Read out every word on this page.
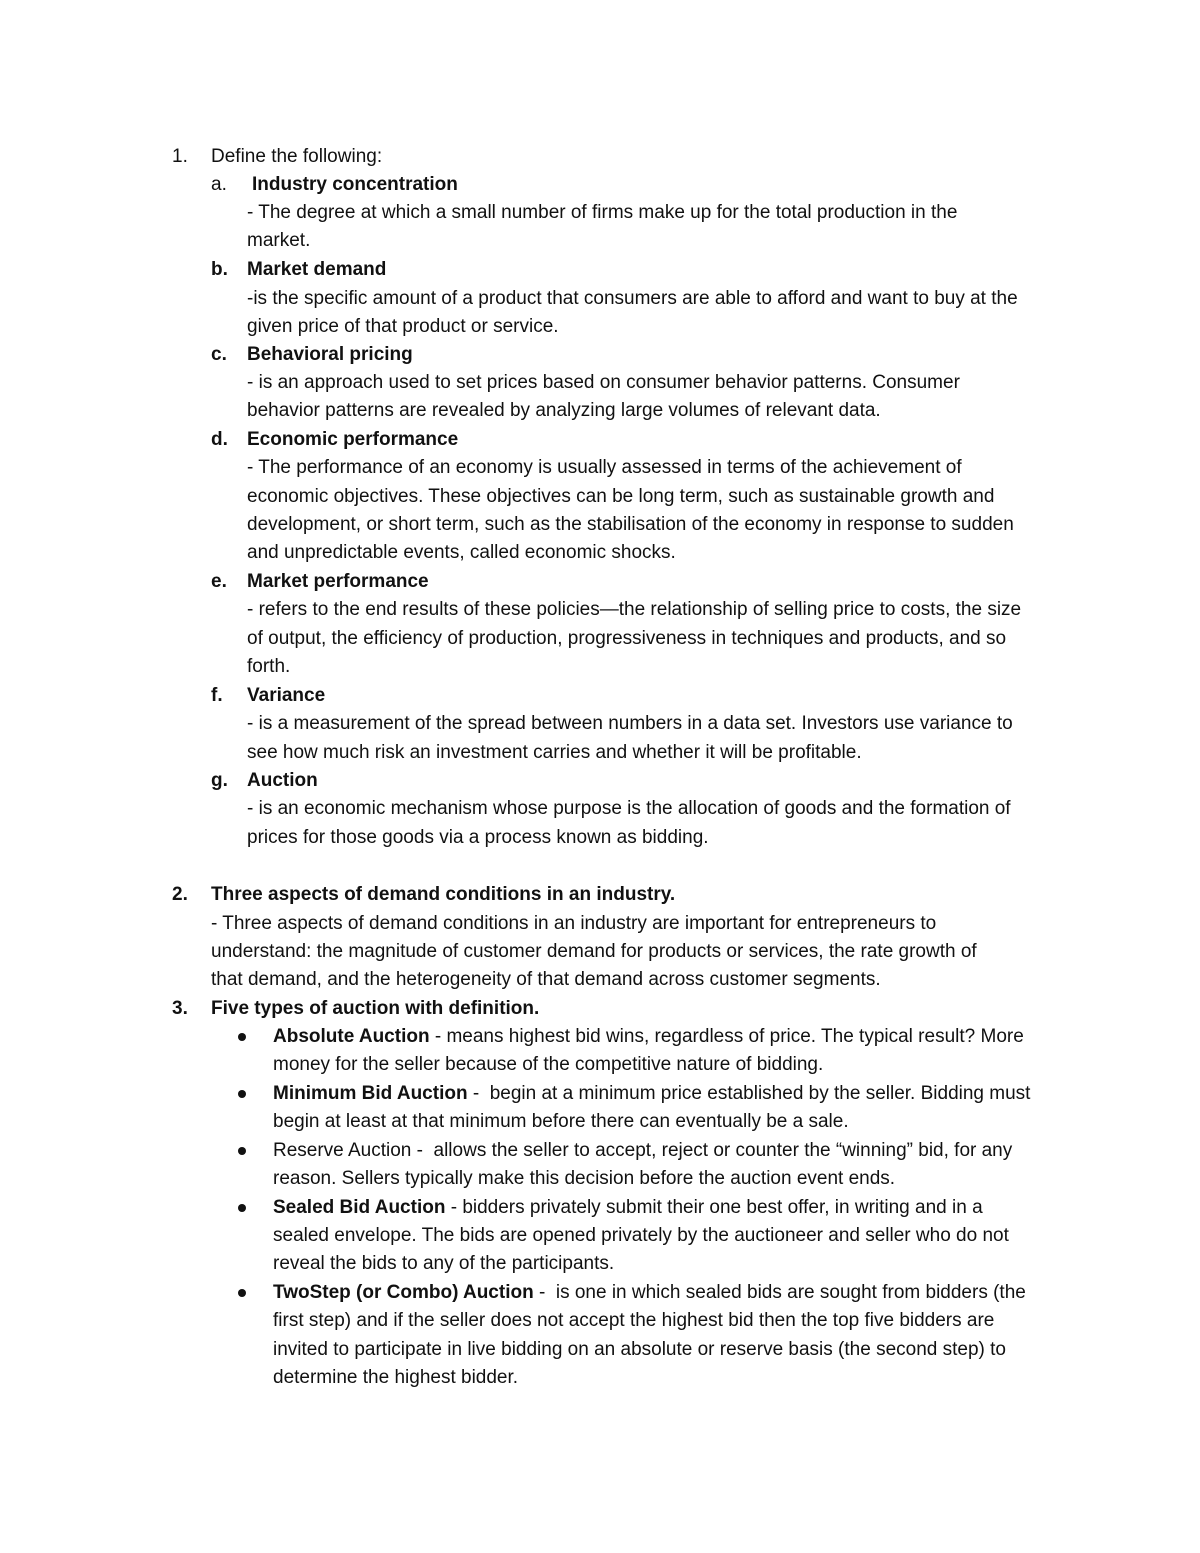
1. Define the following:
a. Industry concentration
- The degree at which a small number of firms make up for the total production in the
market.
b. Market demand
-is the specific amount of a product that consumers are able to afford and want to buy at the
given price of that product or service.
c. Behavioral pricing
- is an approach used to set prices based on consumer behavior patterns. Consumer
behavior patterns are revealed by analyzing large volumes of relevant data.
d. Economic performance
- The performance of an economy is usually assessed in terms of the achievement of
economic objectives. These objectives can be long term, such as sustainable growth and
development, or short term, such as the stabilisation of the economy in response to sudden
and unpredictable events, called economic shocks.
e. Market performance
- refers to the end results of these policies—the relationship of selling price to costs, the size
of output, the efficiency of production, progressiveness in techniques and products, and so
forth.
f. Variance
- is a measurement of the spread between numbers in a data set. Investors use variance to
see how much risk an investment carries and whether it will be profitable.
g. Auction
- is an economic mechanism whose purpose is the allocation of goods and the formation of
prices for those goods via a process known as bidding.
2. Three aspects of demand conditions in an industry.
- Three aspects of demand conditions in an industry are important for entrepreneurs to
understand: the magnitude of customer demand for products or services, the rate growth of
that demand, and the heterogeneity of that demand across customer segments.
3. Five types of auction with definition.
Absolute Auction - means highest bid wins, regardless of price. The typical result? More
money for the seller because of the competitive nature of bidding.
Minimum Bid Auction -  begin at a minimum price established by the seller. Bidding must
begin at least at that minimum before there can eventually be a sale.
Reserve Auction -  allows the seller to accept, reject or counter the “winning” bid, for any
reason. Sellers typically make this decision before the auction event ends.
Sealed Bid Auction - bidders privately submit their one best offer, in writing and in a
sealed envelope. The bids are opened privately by the auctioneer and seller who do not
reveal the bids to any of the participants.
TwoStep (or Combo) Auction -  is one in which sealed bids are sought from bidders (the
first step) and if the seller does not accept the highest bid then the top five bidders are
invited to participate in live bidding on an absolute or reserve basis (the second step) to
determine the highest bidder.
